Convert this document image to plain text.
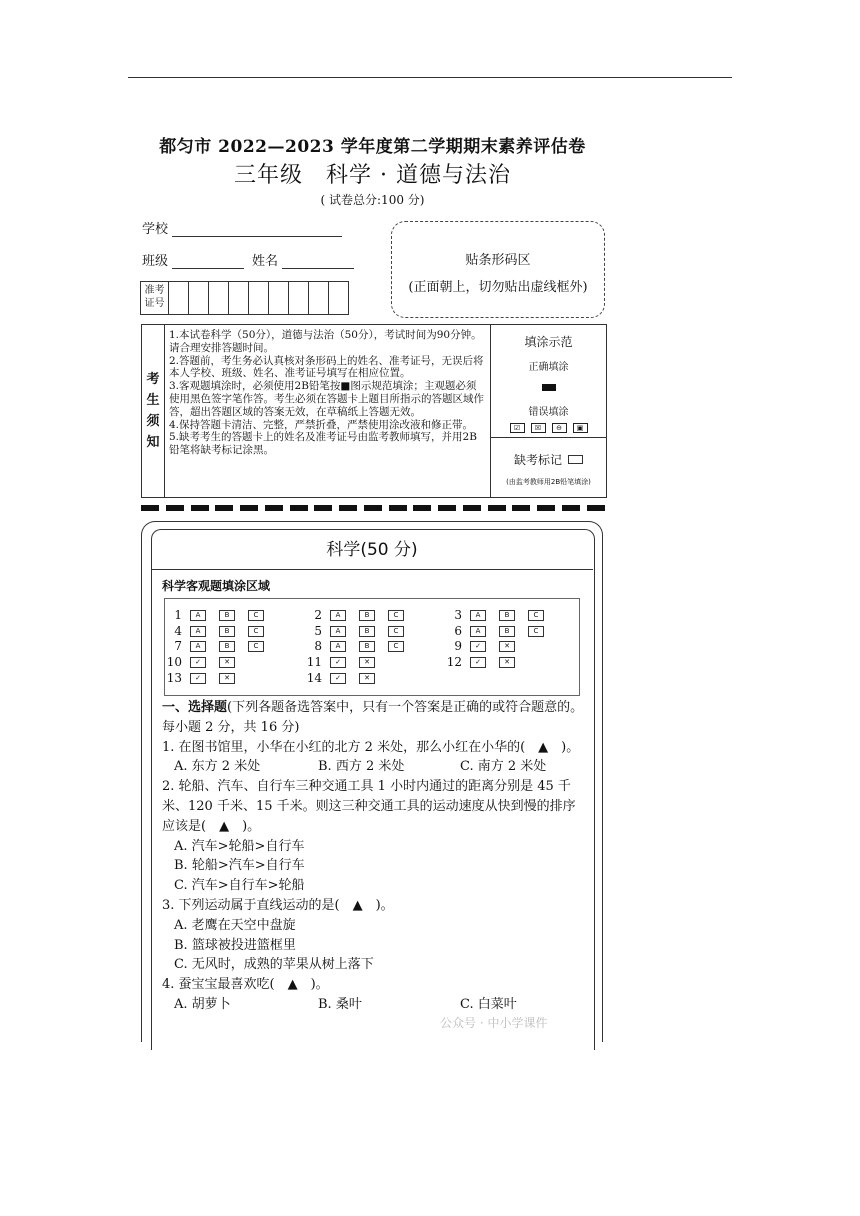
都匀市 2022—2023 学年度第二学期期末素养评估卷
三年级　科学 · 道德与法治
( 试卷总分:100 分)
学校
班级	姓名
准考证号
贴条形码区
(正面朝上，切勿贴出虚线框外)
考
生
须
知

1.本试卷科学（50分），道德与法治（50分），考试时间为90分钟。请合理安排答题时间。

2.答题前，考生务必认真核对条形码上的姓名、准考证号，无误后将本人学校、班级、姓名、准考证号填写在相应位置。

3.客观题填涂时，必须使用2B铅笔按■图示规范填涂；主观题必须使用黑色签字笔作答。考生必须在答题卡上题目所指示的答题区域作答，超出答题区域的答案无效，在草稿纸上答题无效。

4.保持答题卡清洁、完整，严禁折叠，严禁使用涂改液和修正带。

5.缺考考生的答题卡上的姓名及准考证号由监考教师填写，并用2B铅笔将缺考标记涂黑。

填涂示范
正确填涂
错误填涂
☑	☒	⊖	▣
缺考标记
(由监考教师用2B铅笔填涂)
科学(50 分)
科学客观题填涂区域
1	A	B	C	2	A	B	C	3	A	B	C
4	A	B	C	5	A	B	C	6	A	B	C
7	A	B	C	8	A	B	C	9	✓	✕
10	✓	✕	11	✓	✕	12	✓	✕
13	✓	✕	14	✓	✕

一、选择题(下列各题备选答案中，只有一个答案是正确的或符合题意的。每小题 2 分，共 16 分)

1. 在图书馆里，小华在小红的北方 2 米处，那么小红在小华的(　▲　)。

A. 东方 2 米处	B. 西方 2 米处	C. 南方 2 米处

2. 轮船、汽车、自行车三种交通工具 1 小时内通过的距离分别是 45 千米、120 千米、15 千米。则这三种交通工具的运动速度从快到慢的排序应该是(　▲　)。

A. 汽车>轮船>自行车

B. 轮船>汽车>自行车

C. 汽车>自行车>轮船

3. 下列运动属于直线运动的是(　▲　)。

A. 老鹰在天空中盘旋

B. 篮球被投进篮框里

C. 无风时，成熟的苹果从树上落下

4. 蚕宝宝最喜欢吃(　▲　)。

A. 胡萝卜	B. 桑叶	C. 白菜叶

公众号 · 中小学课件
